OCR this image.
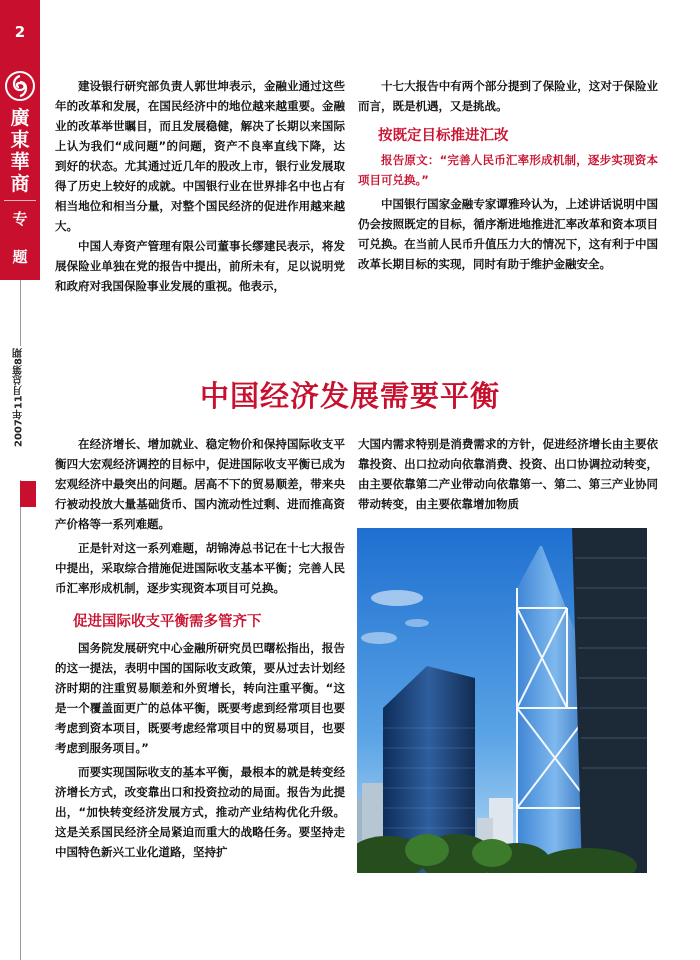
2
廣
東
華
商
专
题
2007年11月
总第8期

建设银行研究部负责人郭世坤表示，金融业通过这些年的改革和发展，在国民经济中的地位越来越重要。金融业的改革举世瞩目，而且发展稳健，解决了长期以来国际上认为我们“成问题”的问题，资产不良率直线下降，达到好的状态。尤其通过近几年的股改上市，银行业发展取得了历史上较好的成就。中国银行业在世界排名中也占有相当地位和相当分量，对整个国民经济的促进作用越来越大。

中国人寿资产管理有限公司董事长缪建民表示，将发展保险业单独在党的报告中提出，前所未有，足以说明党和政府对我国保险事业发展的重视。他表示，

十七大报告中有两个部分提到了保险业，这对于保险业而言，既是机遇，又是挑战。

按既定目标推进汇改

报告原文：“完善人民币汇率形成机制，逐步实现资本项目可兑换。”

中国银行国家金融专家谭雅玲认为，上述讲话说明中国仍会按照既定的目标，循序渐进地推进汇率改革和资本项目可兑换。在当前人民币升值压力大的情况下，这有利于中国改革长期目标的实现，同时有助于维护金融安全。

中国经济发展需要平衡

在经济增长、增加就业、稳定物价和保持国际收支平衡四大宏观经济调控的目标中，促进国际收支平衡已成为宏观经济中最突出的问题。居高不下的贸易顺差，带来央行被动投放大量基础货币、国内流动性过剩、进而推高资产价格等一系列难题。

正是针对这一系列难题，胡锦涛总书记在十七大报告中提出，采取综合措施促进国际收支基本平衡；完善人民币汇率形成机制，逐步实现资本项目可兑换。

促进国际收支平衡需多管齐下

国务院发展研究中心金融所研究员巴曙松指出，报告的这一提法，表明中国的国际收支政策，要从过去计划经济时期的注重贸易顺差和外贸增长，转向注重平衡。“这是一个覆盖面更广的总体平衡，既要考虑到经常项目也要考虑到资本项目，既要考虑经常项目中的贸易项目，也要考虑到服务项目。”

而要实现国际收支的基本平衡，最根本的就是转变经济增长方式，改变靠出口和投资拉动的局面。报告为此提出，“加快转变经济发展方式，推动产业结构优化升级。这是关系国民经济全局紧迫而重大的战略任务。要坚持走中国特色新兴工业化道路，坚持扩

大国内需求特别是消费需求的方针，促进经济增长由主要依靠投资、出口拉动向依靠消费、投资、出口协调拉动转变，由主要依靠第二产业带动向依靠第一、第二、第三产业协同带动转变，由主要依靠增加物质
